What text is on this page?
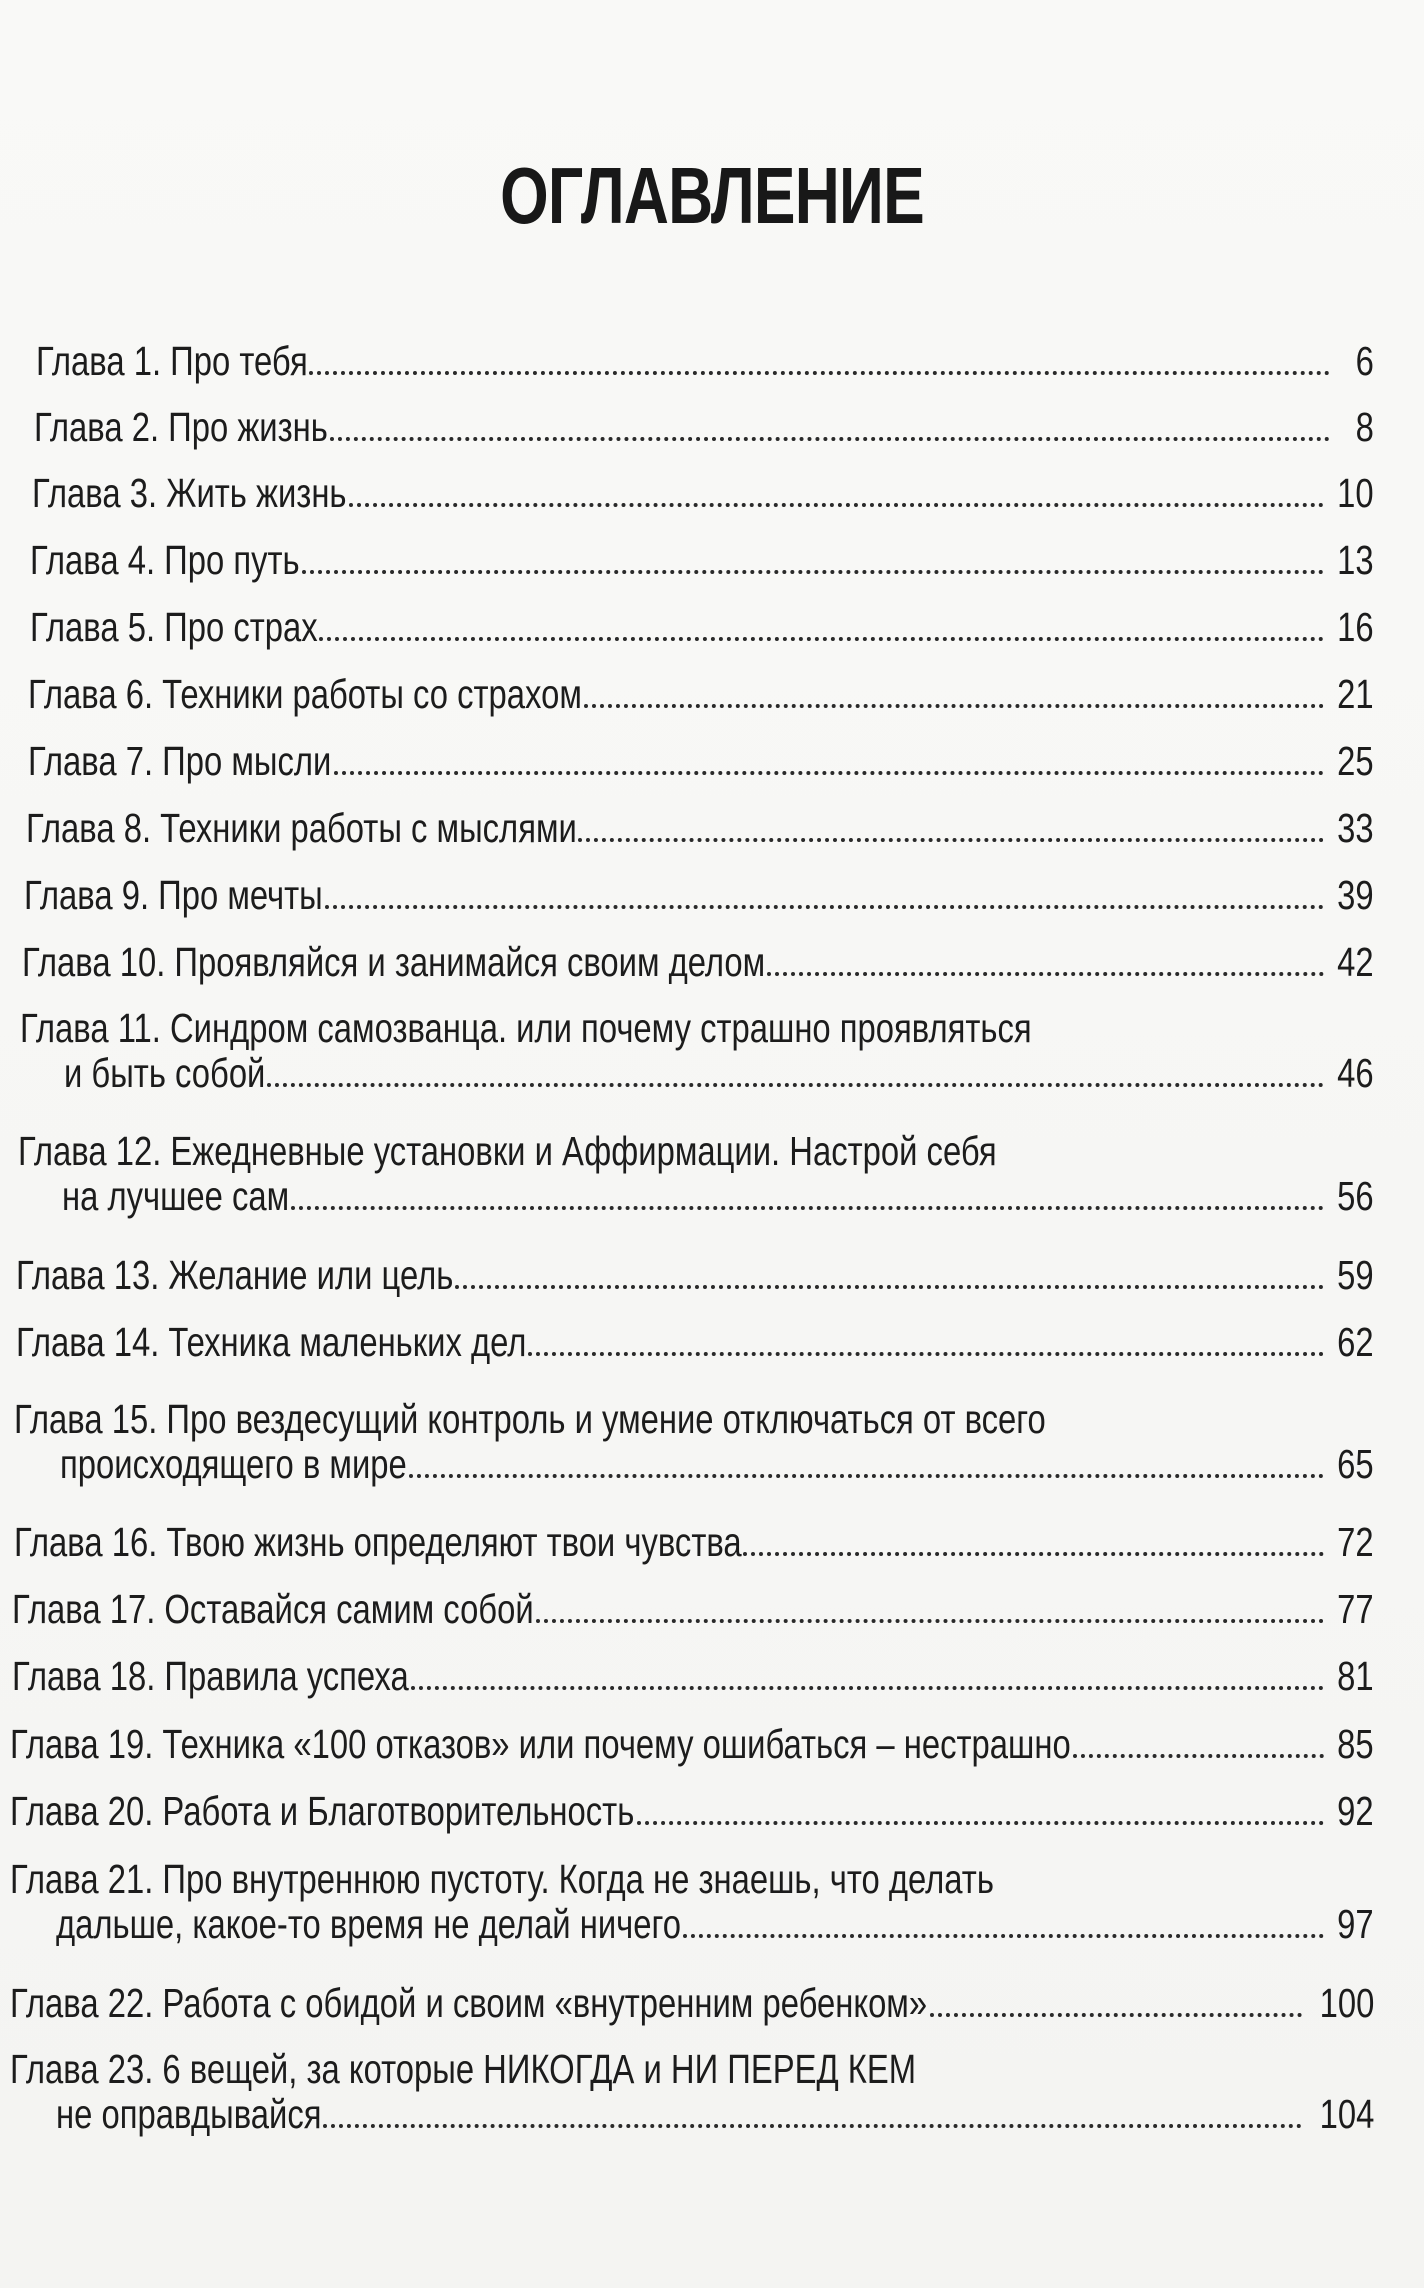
ОГЛАВЛЕНИЕ
Глава 1. Про тебя	6
Глава 2. Про жизнь	8
Глава 3. Жить жизнь	10
Глава 4. Про путь	13
Глава 5. Про страх	16
Глава 6. Техники работы со страхом	21
Глава 7. Про мысли	25
Глава 8. Техники работы с мыслями	33
Глава 9. Про мечты	39
Глава 10. Проявляйся и занимайся своим делом	42
Глава 11. Синдром самозванца. или почему страшно проявляться
и быть собой	46
Глава 12. Ежедневные установки и Аффирмации. Настрой себя
на лучшее сам	56
Глава 13. Желание или цель	59
Глава 14. Техника маленьких дел	62
Глава 15. Про вездесущий контроль и умение отключаться от всего
происходящего в мире	65
Глава 16. Твою жизнь определяют твои чувства	72
Глава 17. Оставайся самим собой	77
Глава 18. Правила успеха	81
Глава 19. Техника «100 отказов» или почему ошибаться – нестрашно	85
Глава 20. Работа и Благотворительность	92
Глава 21. Про внутреннюю пустоту. Когда не знаешь, что делать
дальше, какое-то время не делай ничего	97
Глава 22. Работа с обидой и своим «внутренним ребенком»	100
Глава 23. 6 вещей, за которые НИКОГДА и НИ ПЕРЕД КЕМ
не оправдывайся	104
